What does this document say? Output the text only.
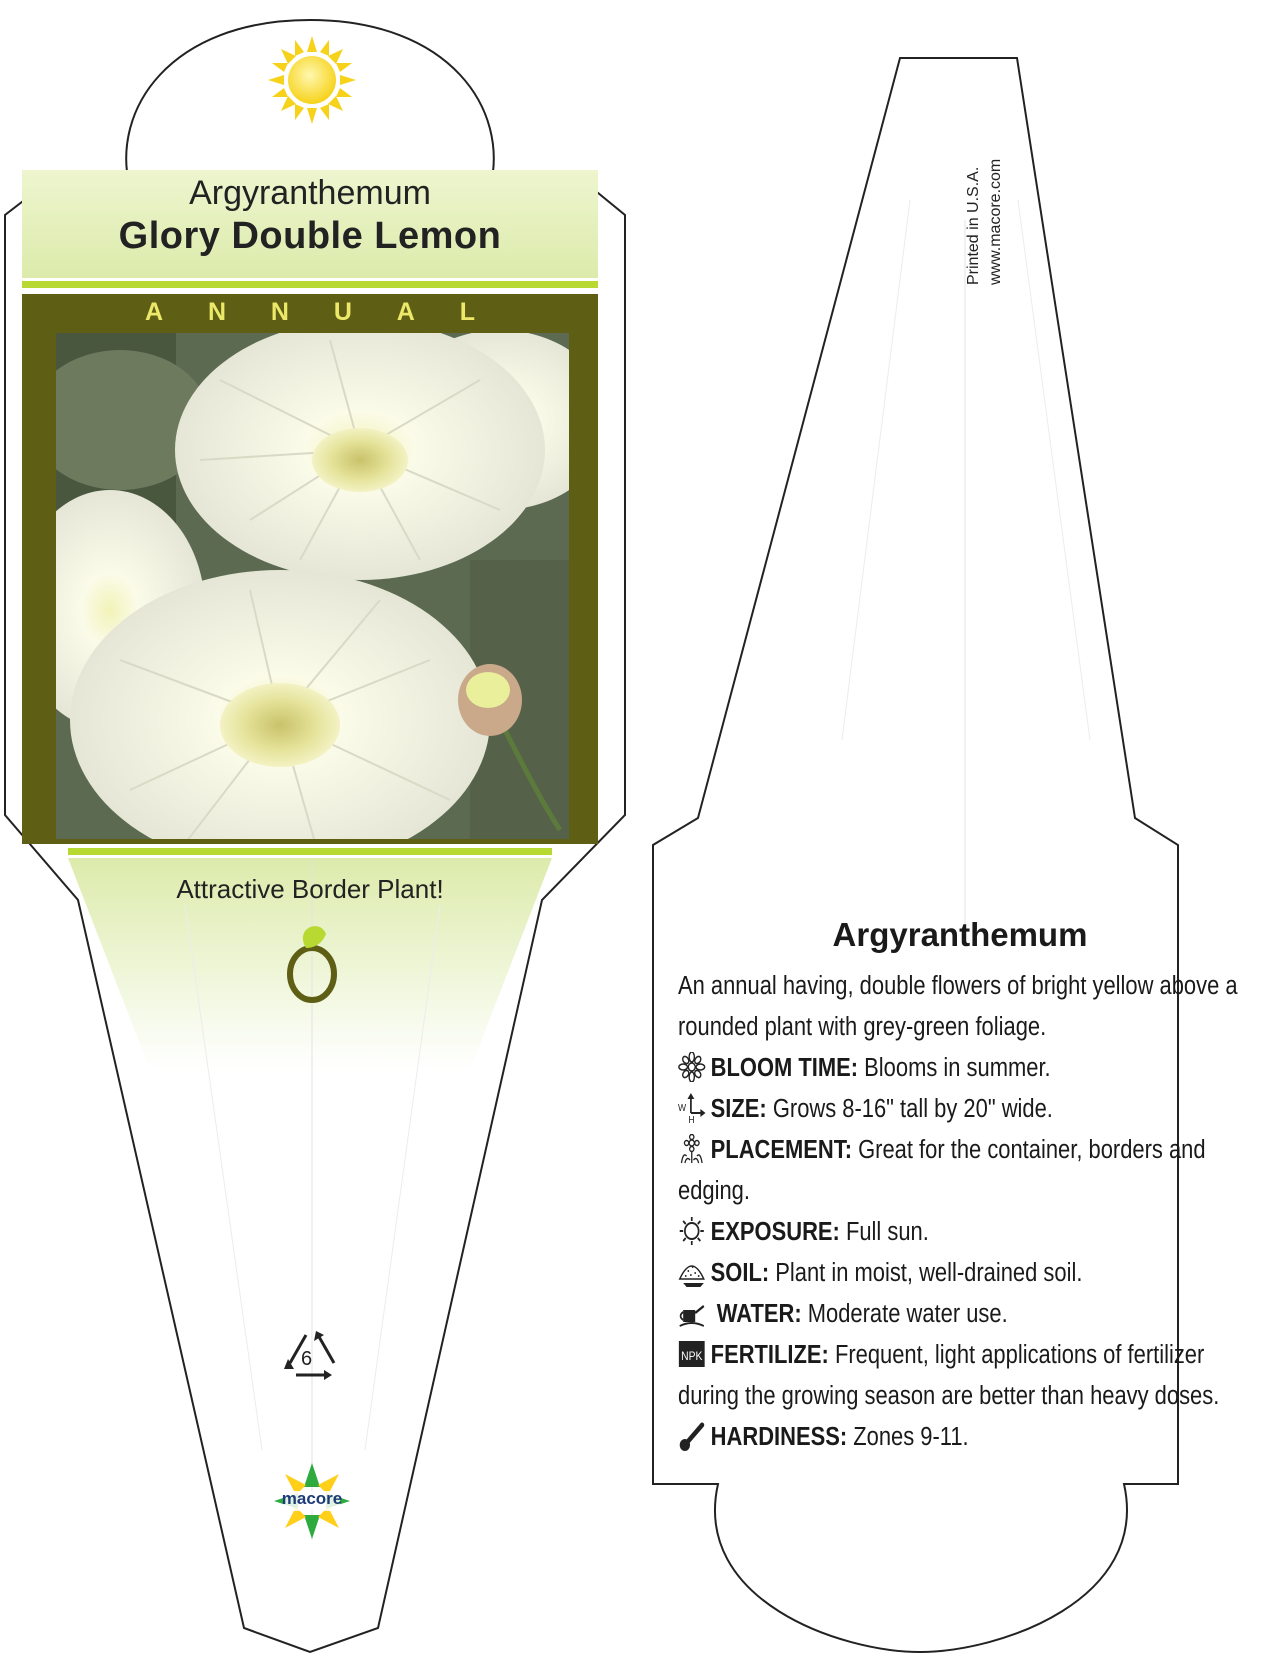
Argyranthemum
Glory Double Lemon
A N N U A L
Attractive Border Plant!
6
macore
Printed in U.S.A. www.macore.com
Argyranthemum

An annual having, double flowers of bright yellow above a rounded plant with grey-green foliage.

BLOOM TIME: Blooms in summer.

W
H SIZE: Grows 8-16" tall by 20" wide.

PLACEMENT: Great for the container, borders and edging.

EXPOSURE: Full sun.

SOIL: Plant in moist, well-drained soil.

WATER: Moderate water use.

NPK FERTILIZE: Frequent, light applications of fertilizer during the growing season are better than heavy doses.

HARDINESS: Zones 9-11.
